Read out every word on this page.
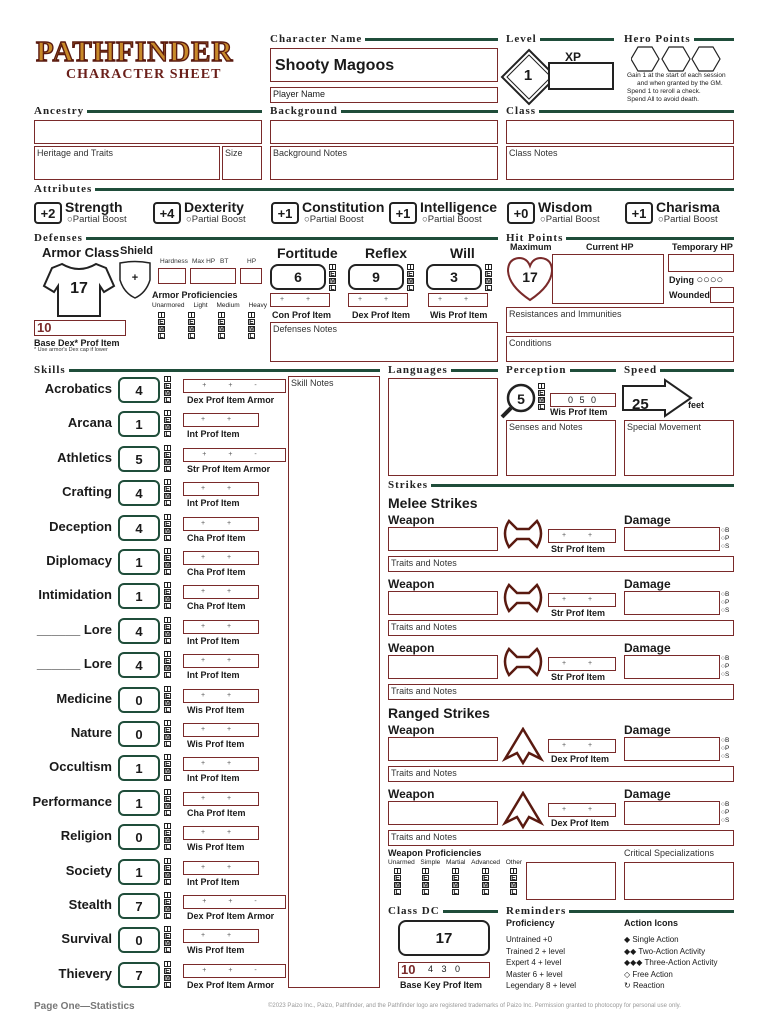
PATHFINDER
CHARACTER SHEET
Character Name
Shooty Magoos
Player Name
Level
1
XP
Hero Points
Gain 1 at the start of each session
and when granted by the GM.
Spend 1 to reroll a check.
Spend All to avoid death.
Ancestry
Heritage and Traits	Size
Background
Background Notes
Class
Class Notes
Attributes
+2 Strength
○Partial Boost	+4 Dexterity
○Partial Boost	+1 Constitution
○Partial Boost	+1 Intelligence
○Partial Boost	+0 Wisdom
○Partial Boost	+1 Charisma
○Partial Boost
Defenses
Armor Class
17
Shield
+
Hardness Max HP BT	HP
Armor Proficiencies
Unarmored Light Medium Heavy
T
E
M
L
T
E
M
L
T
E
M
L
T
E
M
L
10
Base Dex* Prof Item
* Use armor's Dex cap if lower
Fortitude
6
T
E
M
L
+ +
Con Prof Item
Reflex
9
T
E
M
L
+ +
Dex Prof Item
Will
3
T
E
M
L
+ +
Wis Prof Item
Defenses Notes
Hit Points
Maximum	Current HP	Temporary HP
17	Dying ○○○○
Wounded
Resistances and Immunities
Conditions
Skills
Acrobatics	4
T
E
M
L
+ + -
Dex Prof Item Armor
Arcana	1
T
E
M
L
+ +
Int Prof Item
Athletics	5
T
E
M
L
+ + -
Str Prof Item Armor
Crafting	4
T
E
M
L
+ +
Int Prof Item
Deception	4
T
E
M
L
+ +
Cha Prof Item
Diplomacy	1
T
E
M
L
+ +
Cha Prof Item
Intimidation	1
T
E
M
L
+ +
Cha Prof Item
______ Lore	4
T
E
M
L
+ +
Int Prof Item
______ Lore	4
T
E
M
L
+ +
Int Prof Item
Medicine	0
T
E
M
L
+ +
Wis Prof Item
Nature	0
T
E
M
L
+ +
Wis Prof Item
Occultism	1
T
E
M
L
+ +
Int Prof Item
Performance	1
T
E
M
L
+ +
Cha Prof Item
Religion	0
T
E
M
L
+ +
Wis Prof Item
Society	1
T
E
M
L
+ +
Int Prof Item
Stealth	7
T
E
M
L
+ + -
Dex Prof Item Armor
Survival	0
T
E
M
L
+ +
Wis Prof Item
Thievery	7
T
E
M
L
+ + -
Dex Prof Item Armor
Skill Notes
Languages	Perception
5
T
E
M
L
0 5 0
Wis Prof Item
Senses and Notes
Speed
25	feet
Special Movement
Strikes
Melee Strikes
Weapon
+ +
Str Prof Item
Damage
○B
○P
○S
Traits and Notes
Weapon
+ +
Str Prof Item
Damage
○B
○P
○S
Traits and Notes
Weapon
+ +
Str Prof Item
Damage
○B
○P
○S
Traits and Notes
Weapon
+ +
Dex Prof Item
Damage
○B
○P
○S
Traits and Notes
Weapon
+ +
Dex Prof Item
Damage
○B
○P
○S
Traits and Notes
Ranged Strikes
Weapon Proficiencies
Unarmed Simple Martial Advanced Other
T
E
M
L
T
E
M
L
T
E
M
L
T
E
M
L
T
E
M
L
Critical Specializations
Class DC
17
10 4 3 0
Base Key Prof Item
Reminders
Proficiency
Untrained +0
Trained 2 + level
Expert 4 + level
Master 6 + level
Legendary 8 + level
Action Icons
◆ Single Action
◆◆ Two-Action Activity
◆◆◆ Three-Action Activity
◇ Free Action
↻ Reaction
Page One—Statistics	©2023 Paizo Inc., Paizo, Pathfinder, and the Pathfinder logo are registered trademarks of Paizo Inc. Permission granted to photocopy for personal use only.
